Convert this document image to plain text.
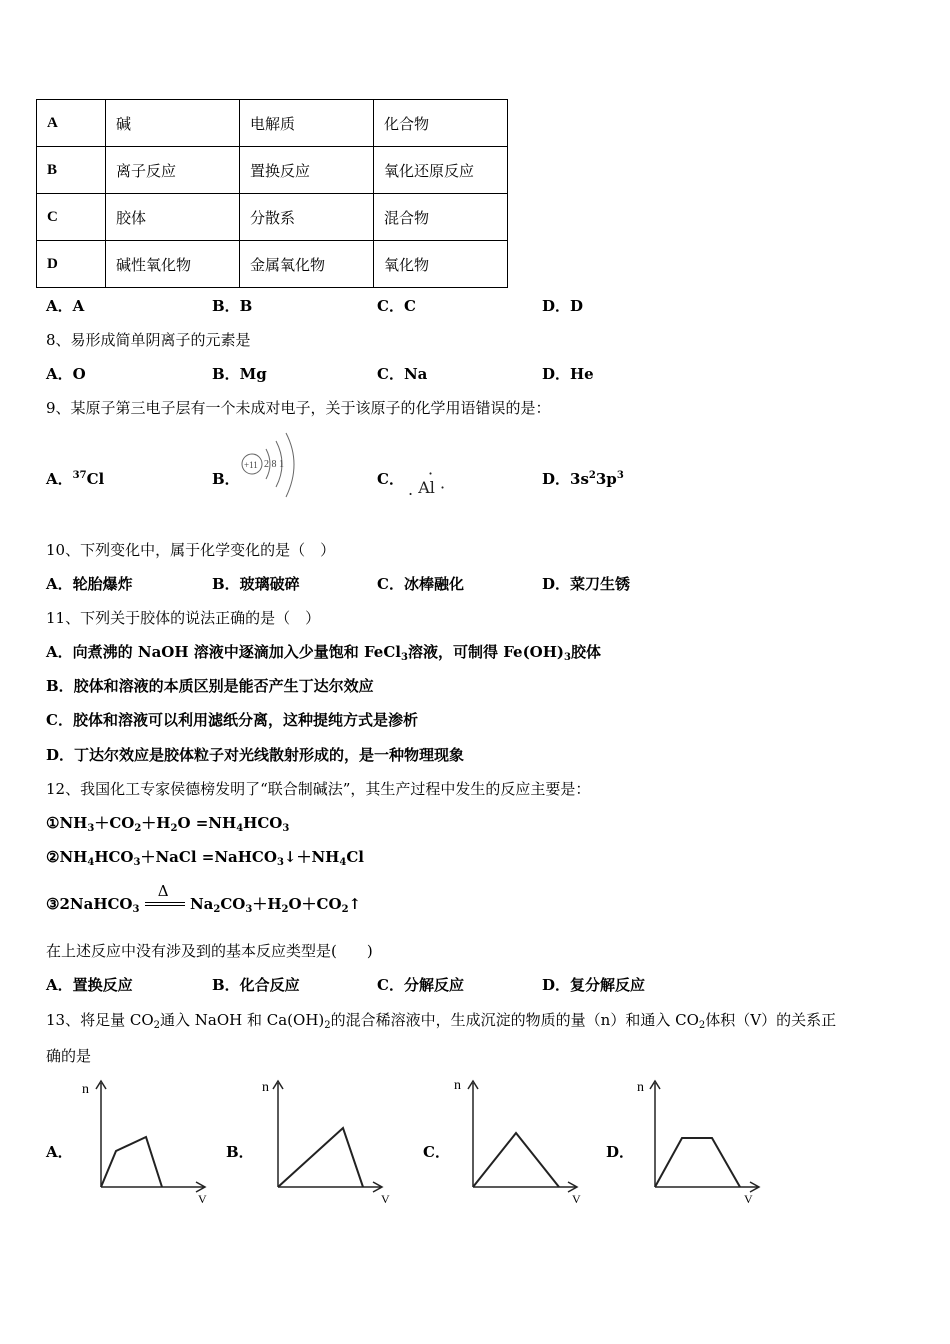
A	碱	电解质	化合物
B	离子反应	置换反应	氧化还原反应
C	胶体	分散系	混合物
D	碱性氧化物	金属氧化物	氧化物
A．A	B．B	C．C	D．D
8、易形成简单阴离子的元素是
A．O	B．Mg	C．Na	D．He
9、某原子第三电子层有一个未成对电子，关于该原子的化学用语错误的是：
A．$^{37}$Cl	B．
+11 2 8 1
C．
. Al ·
·	D．$3s^23p^3$
10、下列变化中，属于化学变化的是（　）
A．轮胎爆炸	B．玻璃破碎	C．冰棒融化	D．菜刀生锈
11、下列关于胶体的说法正确的是（　）
A．向煮沸的 NaOH 溶液中逐滴加入少量饱和 FeCl$_3$溶液，可制得 $Fe(OH)_3$胶体
B．胶体和溶液的本质区别是能否产生丁达尔效应
C．胶体和溶液可以利用滤纸分离，这种提纯方式是渗析
D．丁达尔效应是胶体粒子对光线散射形成的，是一种物理现象
12、我国化工专家侯德榜发明了“联合制碱法”，其生产过程中发生的反应主要是：
$①NH_3+CO_2+H_2O =NH_4HCO_3$
$②NH_4HCO_3+NaCl$ $=NaHCO_3↓+NH_4Cl$
③2NaHCO$_3$
Δ
$Na_2CO_3+H_2O+CO_2↑$
在上述反应中没有涉及到的基本反应类型是(　　)
A．置换反应	B．化合反应	C．分解反应	D．复分解反应
13、将足量 $CO_2$通入 NaOH 和 $Ca(OH)_2$的混合稀溶液中，生成沉淀的物质的量（n）和通入 $CO_2$体积（V）的关系正
确的是
A．	B．	C．	D．
n
V
n
V
n
V
n
V
